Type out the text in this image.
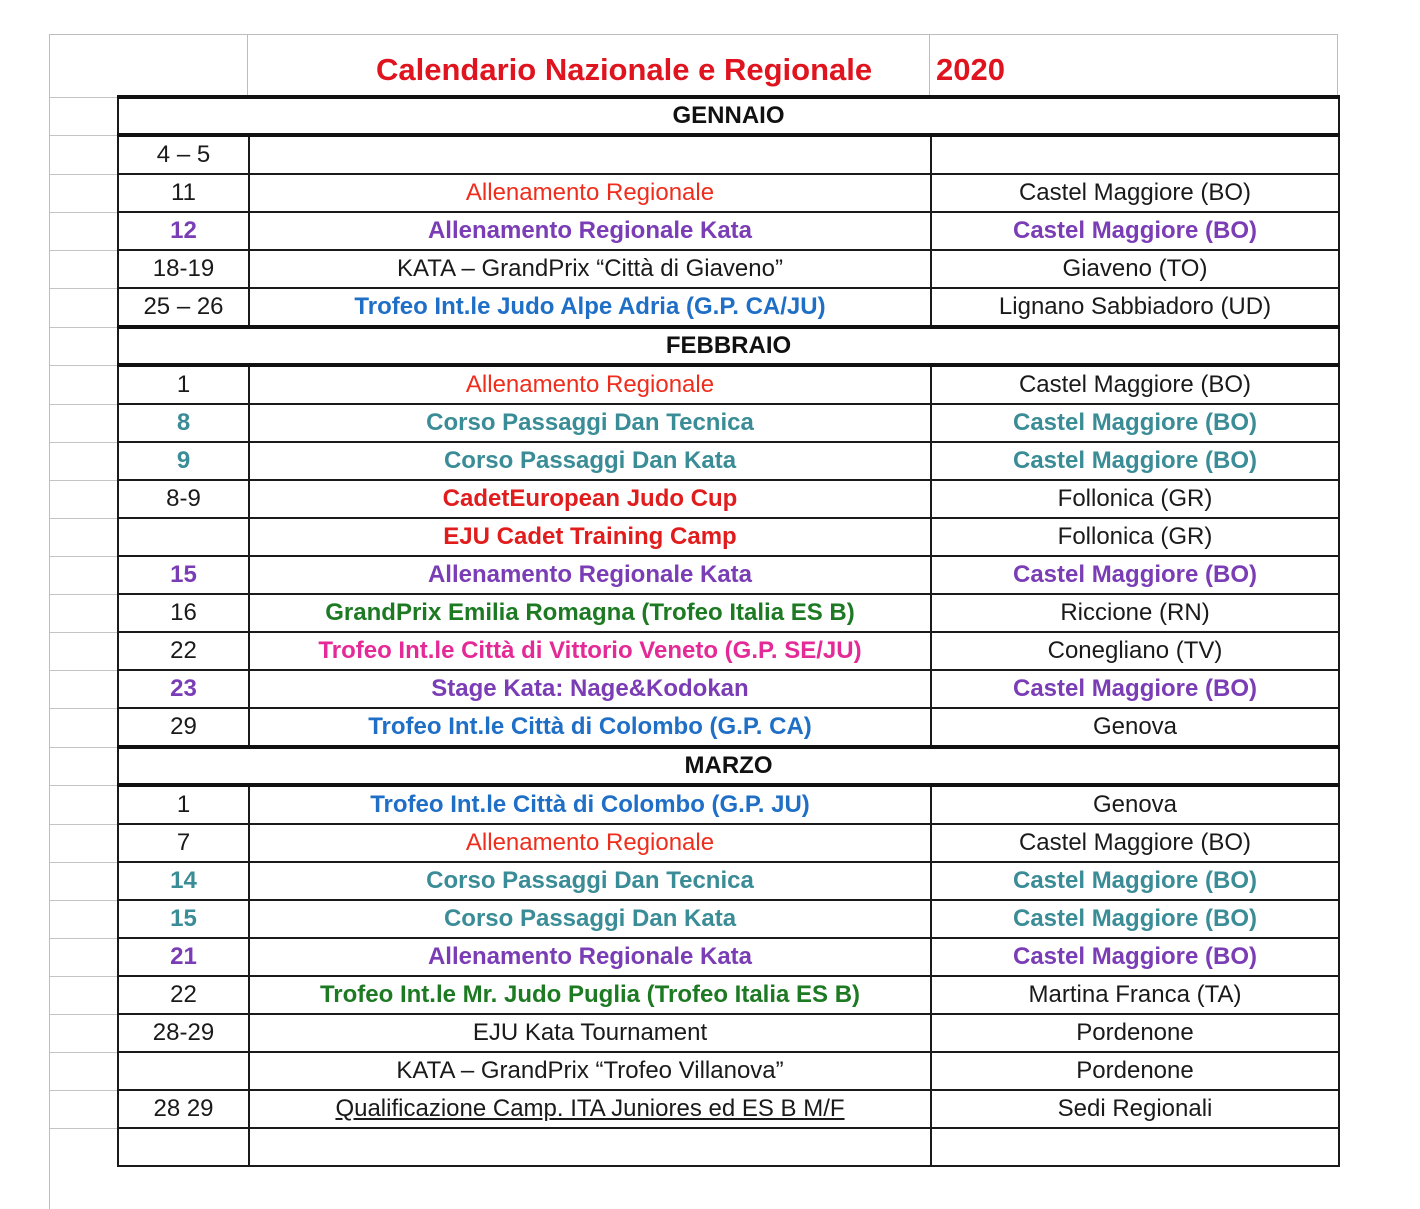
Calendario Nazionale e Regionale 2020
GENNAIO		
4 – 5		
11	Allenamento Regionale	Castel Maggiore (BO)
12	Allenamento Regionale Kata	Castel Maggiore (BO)
18-19	KATA – GrandPrix “Città di Giaveno”	Giaveno (TO)
25 – 26	Trofeo Int.le Judo Alpe Adria (G.P. CA/JU)	Lignano Sabbiadoro (UD)
FEBBRAIO		
1	Allenamento Regionale	Castel Maggiore (BO)
8	Corso Passaggi Dan Tecnica	Castel Maggiore (BO)
9	Corso Passaggi Dan Kata	Castel Maggiore (BO)
8-9	CadetEuropean Judo Cup	Follonica (GR)
	EJU Cadet Training Camp	Follonica (GR)
15	Allenamento Regionale Kata	Castel Maggiore (BO)
16	GrandPrix Emilia Romagna (Trofeo Italia ES B)	Riccione (RN)
22	Trofeo Int.le Città di Vittorio Veneto (G.P. SE/JU)	Conegliano (TV)
23	Stage Kata: Nage&Kodokan	Castel Maggiore (BO)
29	Trofeo Int.le Città di Colombo (G.P. CA)	Genova
MARZO		
1	Trofeo Int.le Città di Colombo (G.P. JU)	Genova
7	Allenamento Regionale	Castel Maggiore (BO)
14	Corso Passaggi Dan Tecnica	Castel Maggiore (BO)
15	Corso Passaggi Dan Kata	Castel Maggiore (BO)
21	Allenamento Regionale Kata	Castel Maggiore (BO)
22	Trofeo Int.le Mr. Judo Puglia (Trofeo Italia ES B)	Martina Franca (TA)
28-29	EJU Kata Tournament	Pordenone
	KATA – GrandPrix “Trofeo Villanova”	Pordenone
28 29	Qualificazione Camp. ITA Juniores ed ES B M/F	Sedi Regionali
